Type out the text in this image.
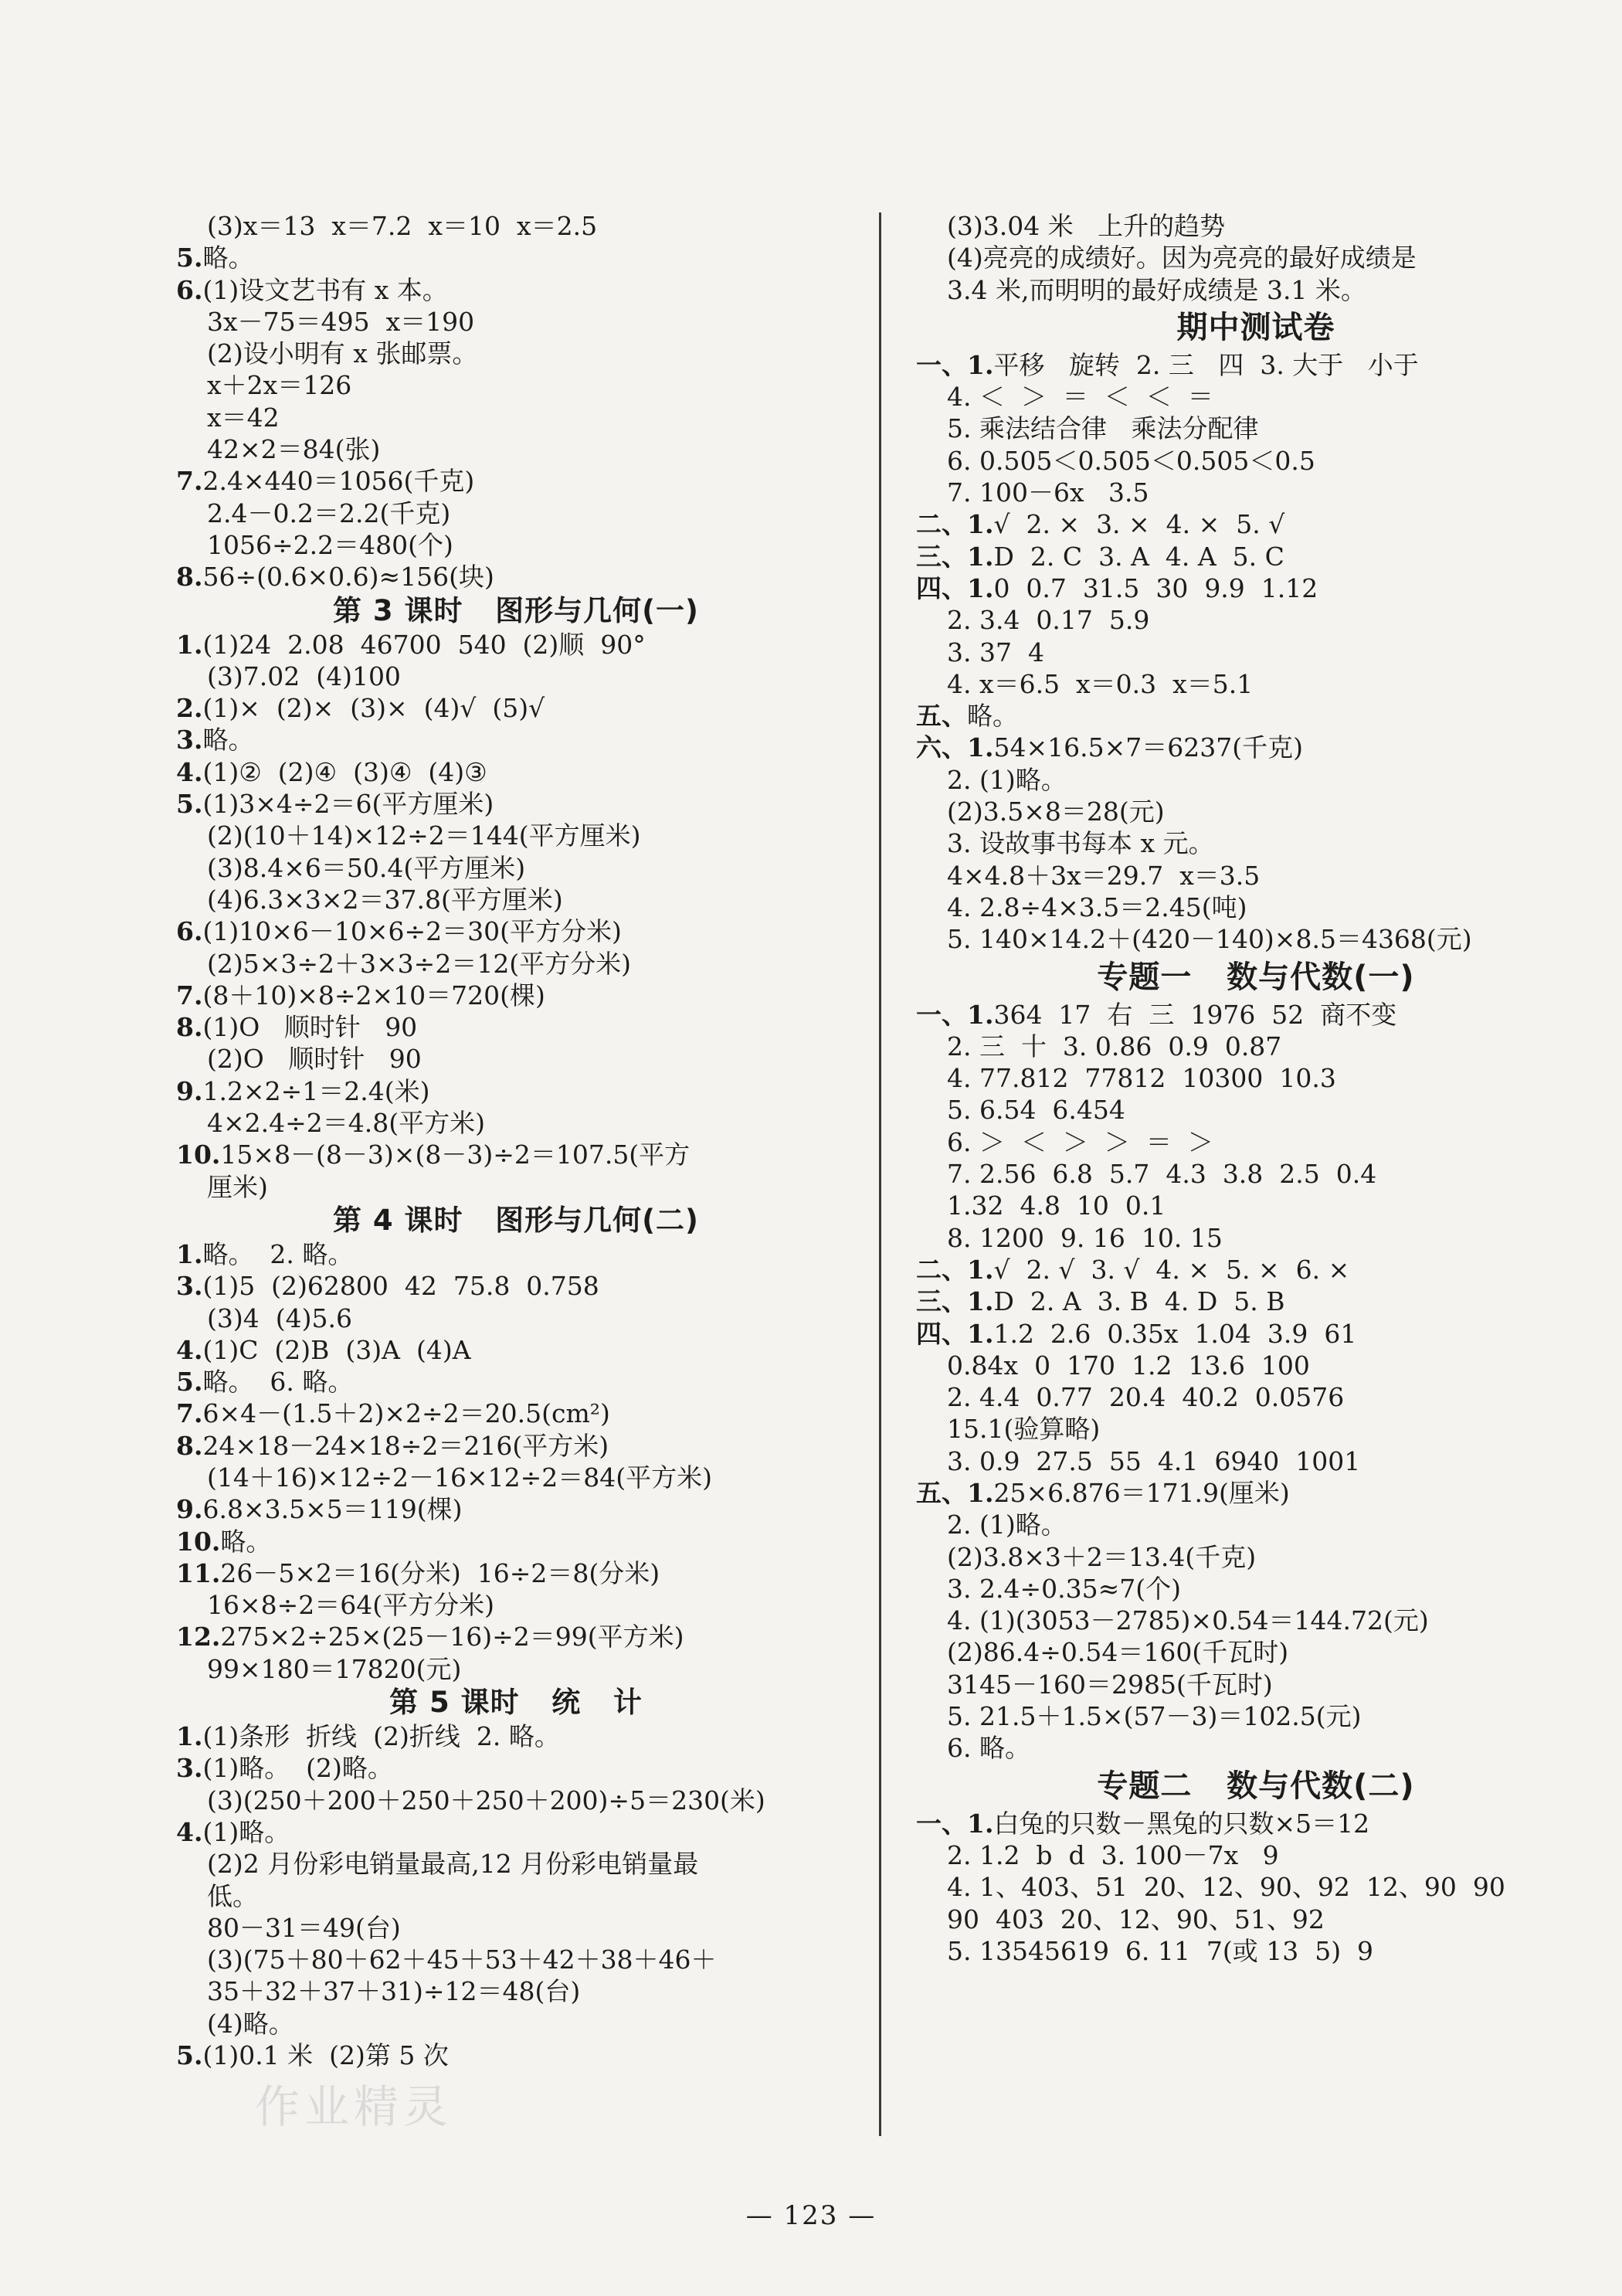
(3)x＝13  x＝7.2  x＝10  x＝2.5
5.略。
6.(1)设文艺书有 x 本。
3x－75＝495  x＝190
(2)设小明有 x 张邮票。
x＋2x＝126
x＝42
42×2＝84(张)
7.2.4×440＝1056(千克)
2.4－0.2＝2.2(千克)
1056÷2.2＝480(个)
8.56÷(0.6×0.6)≈156(块)
第 3 课时   图形与几何(一)
1.(1)24  2.08  46700  540  (2)顺  90°
(3)7.02  (4)100
2.(1)×  (2)×  (3)×  (4)√  (5)√
3.略。
4.(1)②  (2)④  (3)④  (4)③
5.(1)3×4÷2＝6(平方厘米)
(2)(10＋14)×12÷2＝144(平方厘米)
(3)8.4×6＝50.4(平方厘米)
(4)6.3×3×2＝37.8(平方厘米)
6.(1)10×6－10×6÷2＝30(平方分米)
(2)5×3÷2＋3×3÷2＝12(平方分米)
7.(8＋10)×8÷2×10＝720(棵)
8.(1)O   顺时针   90
(2)O   顺时针   90
9.1.2×2÷1＝2.4(米)
4×2.4÷2＝4.8(平方米)
10.15×8－(8－3)×(8－3)÷2＝107.5(平方
厘米)
第 4 课时   图形与几何(二)
1.略。  2. 略。
3.(1)5  (2)62800  42  75.8  0.758
(3)4  (4)5.6
4.(1)C  (2)B  (3)A  (4)A
5.略。  6. 略。
7.6×4－(1.5＋2)×2÷2＝20.5(cm²)
8.24×18－24×18÷2＝216(平方米)
(14＋16)×12÷2－16×12÷2＝84(平方米)
9.6.8×3.5×5＝119(棵)
10.略。
11.26－5×2＝16(分米)  16÷2＝8(分米)
16×8÷2＝64(平方分米)
12.275×2÷25×(25－16)÷2＝99(平方米)
99×180＝17820(元)
第 5 课时   统   计
1.(1)条形  折线  (2)折线  2. 略。
3.(1)略。  (2)略。
(3)(250＋200＋250＋250＋200)÷5＝230(米)
4.(1)略。
(2)2 月份彩电销量最高,12 月份彩电销量最
低。
80－31＝49(台)
(3)(75＋80＋62＋45＋53＋42＋38＋46＋
35＋32＋37＋31)÷12＝48(台)
(4)略。
5.(1)0.1 米  (2)第 5 次
(3)3.04 米   上升的趋势
(4)亮亮的成绩好。因为亮亮的最好成绩是
3.4 米,而明明的最好成绩是 3.1 米。
期中测试卷
一、1.平移   旋转  2. 三   四  3. 大于   小于
4. ＜  ＞  ＝  ＜  ＜  ＝
5. 乘法结合律   乘法分配律
6. 0.505＜0.505＜0.505＜0.5
7. 100－6x   3.5
二、1.√  2. ×  3. ×  4. ×  5. √
三、1.D  2. C  3. A  4. A  5. C
四、1.0  0.7  31.5  30  9.9  1.12
2. 3.4  0.17  5.9
3. 37  4
4. x＝6.5  x＝0.3  x＝5.1
五、略。
六、1.54×16.5×7＝6237(千克)
2. (1)略。
(2)3.5×8＝28(元)
3. 设故事书每本 x 元。
4×4.8＋3x＝29.7  x＝3.5
4. 2.8÷4×3.5＝2.45(吨)
5. 140×14.2＋(420－140)×8.5＝4368(元)
专题一   数与代数(一)
一、1.364  17  右  三  1976  52  商不变
2. 三  十  3. 0.86  0.9  0.87
4. 77.812  77812  10300  10.3
5. 6.54  6.454
6. ＞  ＜  ＞  ＞  ＝  ＞
7. 2.56  6.8  5.7  4.3  3.8  2.5  0.4
1.32  4.8  10  0.1
8. 1200  9. 16  10. 15
二、1.√  2. √  3. √  4. ×  5. ×  6. ×
三、1.D  2. A  3. B  4. D  5. B
四、1.1.2  2.6  0.35x  1.04  3.9  61
0.84x  0  170  1.2  13.6  100
2. 4.4  0.77  20.4  40.2  0.0576
15.1(验算略)
3. 0.9  27.5  55  4.1  6940  1001
五、1.25×6.876＝171.9(厘米)
2. (1)略。
(2)3.8×3＋2＝13.4(千克)
3. 2.4÷0.35≈7(个)
4. (1)(3053－2785)×0.54＝144.72(元)
(2)86.4÷0.54＝160(千瓦时)
3145－160＝2985(千瓦时)
5. 21.5＋1.5×(57－3)＝102.5(元)
6. 略。
专题二   数与代数(二)
一、1.白兔的只数－黑兔的只数×5＝12
2. 1.2  b  d  3. 100－7x   9
4. 1、403、51  20、12、90、92  12、90  90
90  403  20、12、90、51、92
5. 13545619  6. 11  7(或 13  5)  9
作业精灵
— 123 —
